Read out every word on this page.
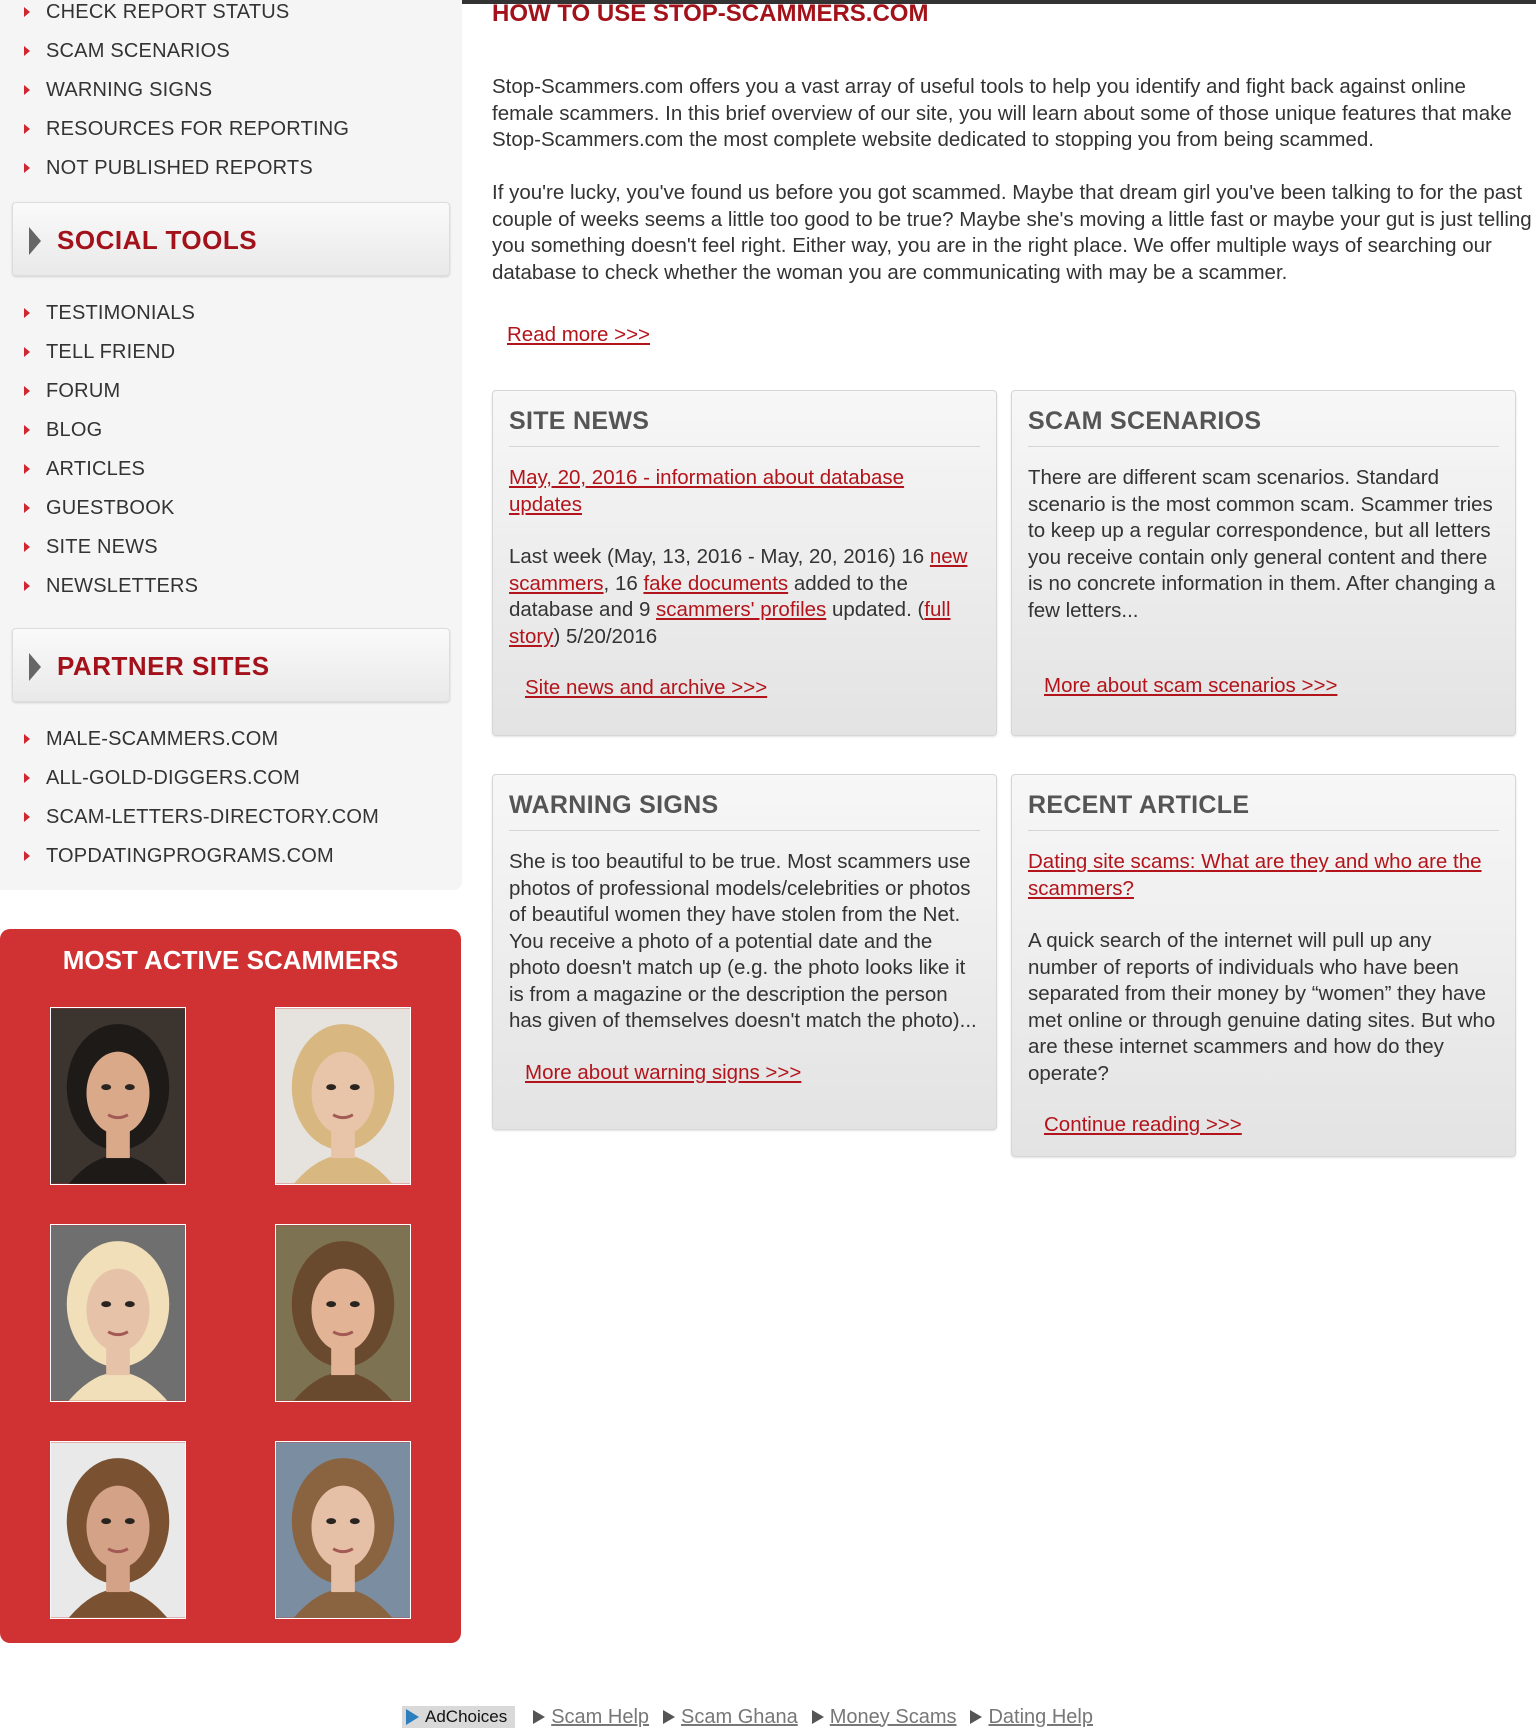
CHECK REPORT STATUS
SCAM SCENARIOS
WARNING SIGNS
RESOURCES FOR REPORTING
NOT PUBLISHED REPORTS
SOCIAL TOOLS
TESTIMONIALS
TELL FRIEND
FORUM
BLOG
ARTICLES
GUESTBOOK
SITE NEWS
NEWSLETTERS
PARTNER SITES
MALE-SCAMMERS.COM
ALL-GOLD-DIGGERS.COM
SCAM-LETTERS-DIRECTORY.COM
TOPDATINGPROGRAMS.COM
MOST ACTIVE SCAMMERS
HOW TO USE STOP-SCAMMERS.COM
Stop-Scammers.com offers you a vast array of useful tools to help you identify and fight back against online female scammers. In this brief overview of our site, you will learn about some of those unique features that make Stop-Scammers.com the most complete website dedicated to stopping you from being scammed.
If you're lucky, you've found us before you got scammed. Maybe that dream girl you've been talking to for the past couple of weeks seems a little too good to be true? Maybe she's moving a little fast or maybe your gut is just telling you something doesn't feel right. Either way, you are in the right place. We offer multiple ways of searching our database to check whether the woman you are communicating with may be a scammer.
Read more >>>
SITE NEWS

May, 20, 2016 - information about database updates

Last week (May, 13, 2016 - May, 20, 2016) 16 new scammers, 16 fake documents added to the database and 9 scammers' profiles updated. (full story) 5/20/2016

Site news and archive >>>
SCAM SCENARIOS

There are different scam scenarios. Standard scenario is the most common scam. Scammer tries to keep up a regular correspondence, but all letters you receive contain only general content and there is no concrete information in them. After changing a few letters...

More about scam scenarios >>>
WARNING SIGNS

She is too beautiful to be true. Most scammers use photos of professional models/celebrities or photos of beautiful women they have stolen from the Net. You receive a photo of a potential date and the photo doesn't match up (e.g. the photo looks like it is from a magazine or the description the person has given of themselves doesn't match the photo)...

More about warning signs >>>
RECENT ARTICLE

Dating site scams: What are they and who are the scammers?

A quick search of the internet will pull up any number of reports of individuals who have been separated from their money by “women” they have met online or through genuine dating sites. But who are these internet scammers and how do they operate?

Continue reading >>>
AdChoices Scam Help Scam Ghana Money Scams Dating Help
